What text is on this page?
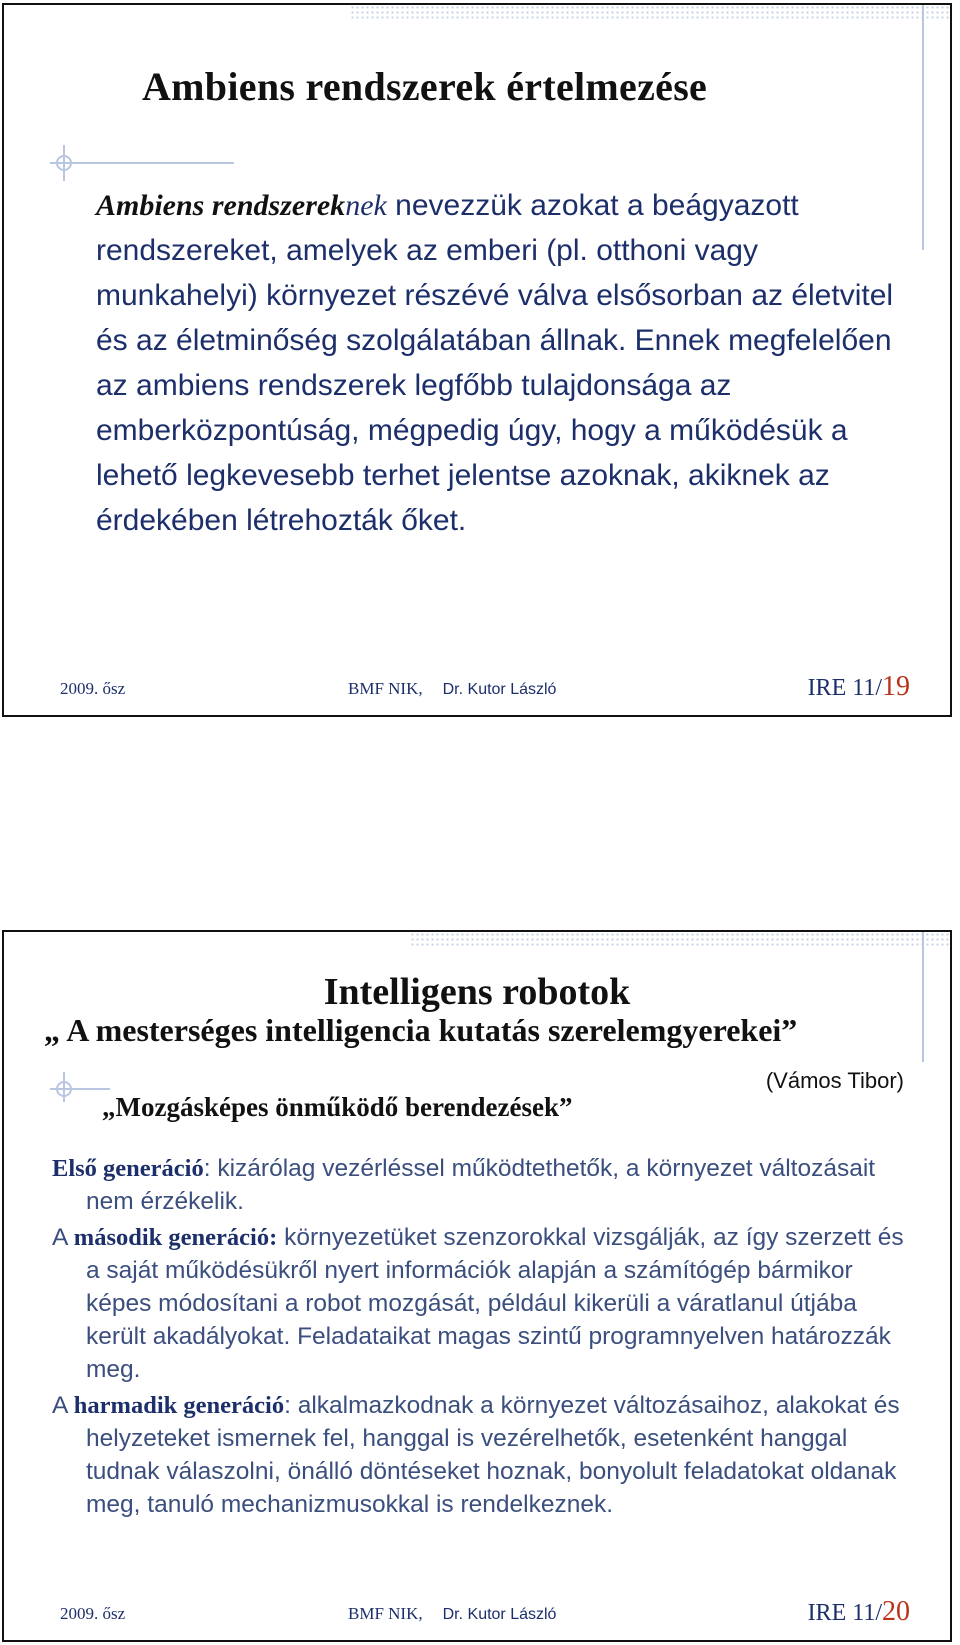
Ambiens rendszerek értelmezése
Ambiens rendszereknek nevezzük azokat a beágyazott rendszereket, amelyek az emberi (pl. otthoni vagy munkahelyi) környezet részévé válva elsősorban az életvitel és az életminőség szolgálatában állnak. Ennek megfelelően az ambiens rendszerek legfőbb tulajdonsága az emberközpontúság, mégpedig úgy, hogy a működésük a lehető legkevesebb terhet jelentse azoknak, akiknek az érdekében létrehozták őket.
2009. ősz	BMF NIK, Dr. Kutor László	IRE 11/19
Intelligens robotok
„ A mesterséges intelligencia kutatás szerelemgyerekei”
(Vámos Tibor)
„Mozgásképes önműködő berendezések”
Első generáció: kizárólag vezérléssel működtethetők, a környezet változásait nem érzékelik.
A második generáció: környezetüket szenzorokkal vizsgálják, az így szerzett és a saját működésükről nyert információk alapján a számítógép bármikor képes módosítani a robot mozgását, például kikerüli a váratlanul útjába került akadályokat. Feladataikat magas szintű programnyelven határozzák meg.
A harmadik generáció: alkalmazkodnak a környezet változásaihoz, alakokat és helyzeteket ismernek fel, hanggal is vezérelhetők, esetenként hanggal tudnak válaszolni, önálló döntéseket hoznak, bonyolult feladatokat oldanak meg, tanuló mechanizmusokkal is rendelkeznek.
2009. ősz	BMF NIK, Dr. Kutor László	IRE 11/20
